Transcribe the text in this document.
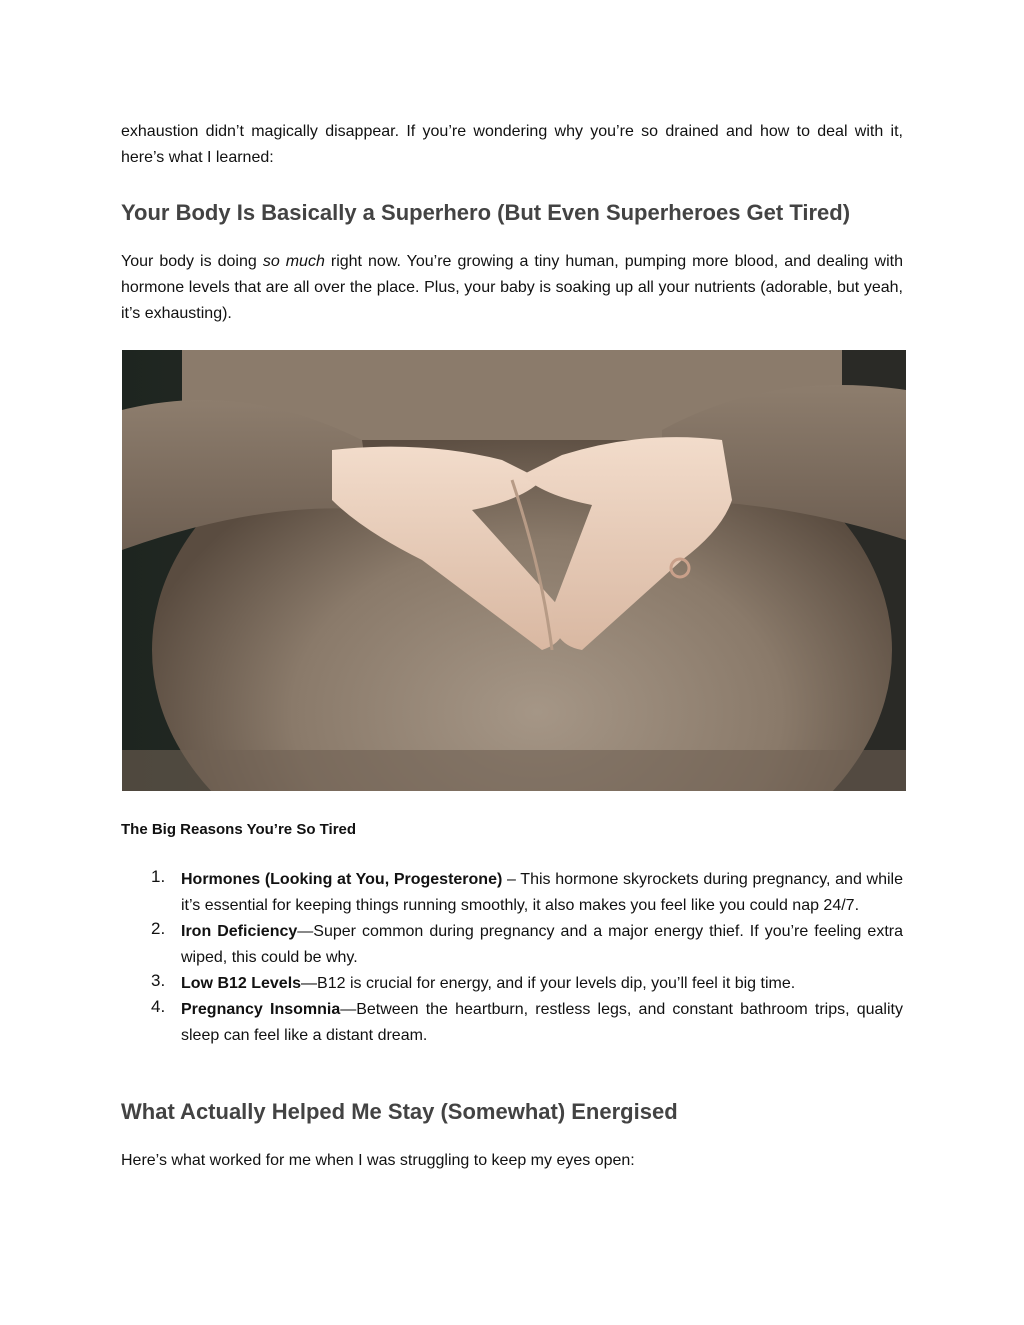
exhaustion didn’t magically disappear. If you’re wondering why you’re so drained and how to deal with it, here’s what I learned:

Your Body Is Basically a Superhero (But Even Superheroes Get Tired)

Your body is doing so much right now. You’re growing a tiny human, pumping more blood, and dealing with hormone levels that are all over the place. Plus, your baby is soaking up all your nutrients (adorable, but yeah, it’s exhausting).

The Big Reasons You’re So Tired
1. Hormones (Looking at You, Progesterone) – This hormone skyrockets during pregnancy, and while it’s essential for keeping things running smoothly, it also makes you feel like you could nap 24/7.
2. Iron Deficiency—Super common during pregnancy and a major energy thief. If you’re feeling extra wiped, this could be why.
3. Low B12 Levels—B12 is crucial for energy, and if your levels dip, you’ll feel it big time.
4. Pregnancy Insomnia—Between the heartburn, restless legs, and constant bathroom trips, quality sleep can feel like a distant dream.
What Actually Helped Me Stay (Somewhat) Energised

Here’s what worked for me when I was struggling to keep my eyes open:
